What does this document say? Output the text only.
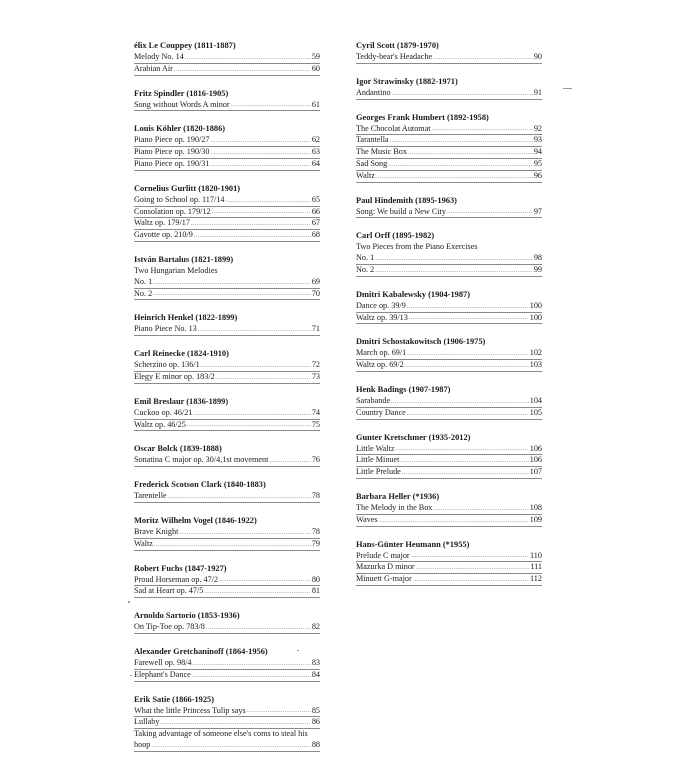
élix Le Couppey (1811-1887)
Melody No. 14 .....	59
Arabian Air .....	60
Fritz Spindler (1816-1905)
Song without Words A minor .....	61
Louis Köhler (1820-1886)
Piano Piece op. 190/27 .....	62
Piano Piece op. 190/30 .....	63
Piano Piece op. 190/31 .....	64
Cornelius Gurlitt (1820-1901)
Going to School op. 117/14 .....	65
Consolation op. 179/12 .....	66
Waltz op. 179/17 .....	67
Gavotte op. 210/9 .....	68
István Bartalus (1821-1899)
Two Hungarian Melodies
No. 1 .....	69
No. 2 .....	70
Heinrich Henkel (1822-1899)
Piano Piece No. 13 .....	71
Carl Reinecke (1824-1910)
Scherzino op. 136/1 .....	72
Elegy E minor op. 183/2 .....	73
Emil Breslaur (1836-1899)
Cuckoo op. 46/21 .....	74
Waltz op. 46/25 .....	75
Oscar Bolck (1839-1888)
Sonatina C major op. 30/4,1st movement .....	76
Frederick Scotson Clark (1840-1883)
Tarentelle .....	78
Moritz Wilhelm Vogel (1846-1922)
Brave Knight .....	78
Waltz .....	79
Robert Fuchs (1847-1927)
Proud Horseman op. 47/2 .....	80
Sad at Heart op. 47/5 .....	81
Arnoldo Sartorio (1853-1936)
On Tip-Toe op. 783/8 .....	82
Alexander Gretchaninoff (1864-1956)
Farewell op. 98/4 .....	83
Elephant's Dance .....	84
Erik Satie (1866-1925)
What the little Princess Tulip says .....	85
Lullaby .....	86
Taking advantage of someone else's coms to steal his
hoop .....	88
Cyril Scott (1879-1970)
Teddy-bear's Headache .....	90
Igor Strawinsky (1882-1971)
Andantino .....	91
Georges Frank Humbert (1892-1958)
The Chocolat Automat .....	92
Tarantella .....	93
The Music Box .....	94
Sad Song .....	95
Waltz .....	96
Paul Hindemith (1895-1963)
Song: We build a New City .....	97
Carl Orff (1895-1982)
Two Pieces from the Piano Exercises
No. 1 .....	98
No. 2 .....	99
Dmitri Kabalewsky (1904-1987)
Dance op. 39/9 .....	100
Waltz op. 39/13 .....	100
Dmitri Schostakowitsch (1906-1975)
March op. 69/1 .....	102
Waltz op. 69/2 .....	103
Henk Badings (1907-1987)
Sarabande .....	104
Country Dance .....	105
Gunter Kretschmer (1935-2012)
Little Waltz .....	106
Little Minuet .....	106
Little Prelude .....	107
Barbara Heller (*1936)
The Melody in the Box .....	108
Waves .....	109
Hans-Günter Heumann (*1955)
Prelude C major .....	110
Mazurka D minor .....	111
Minuett G-major .....	112
